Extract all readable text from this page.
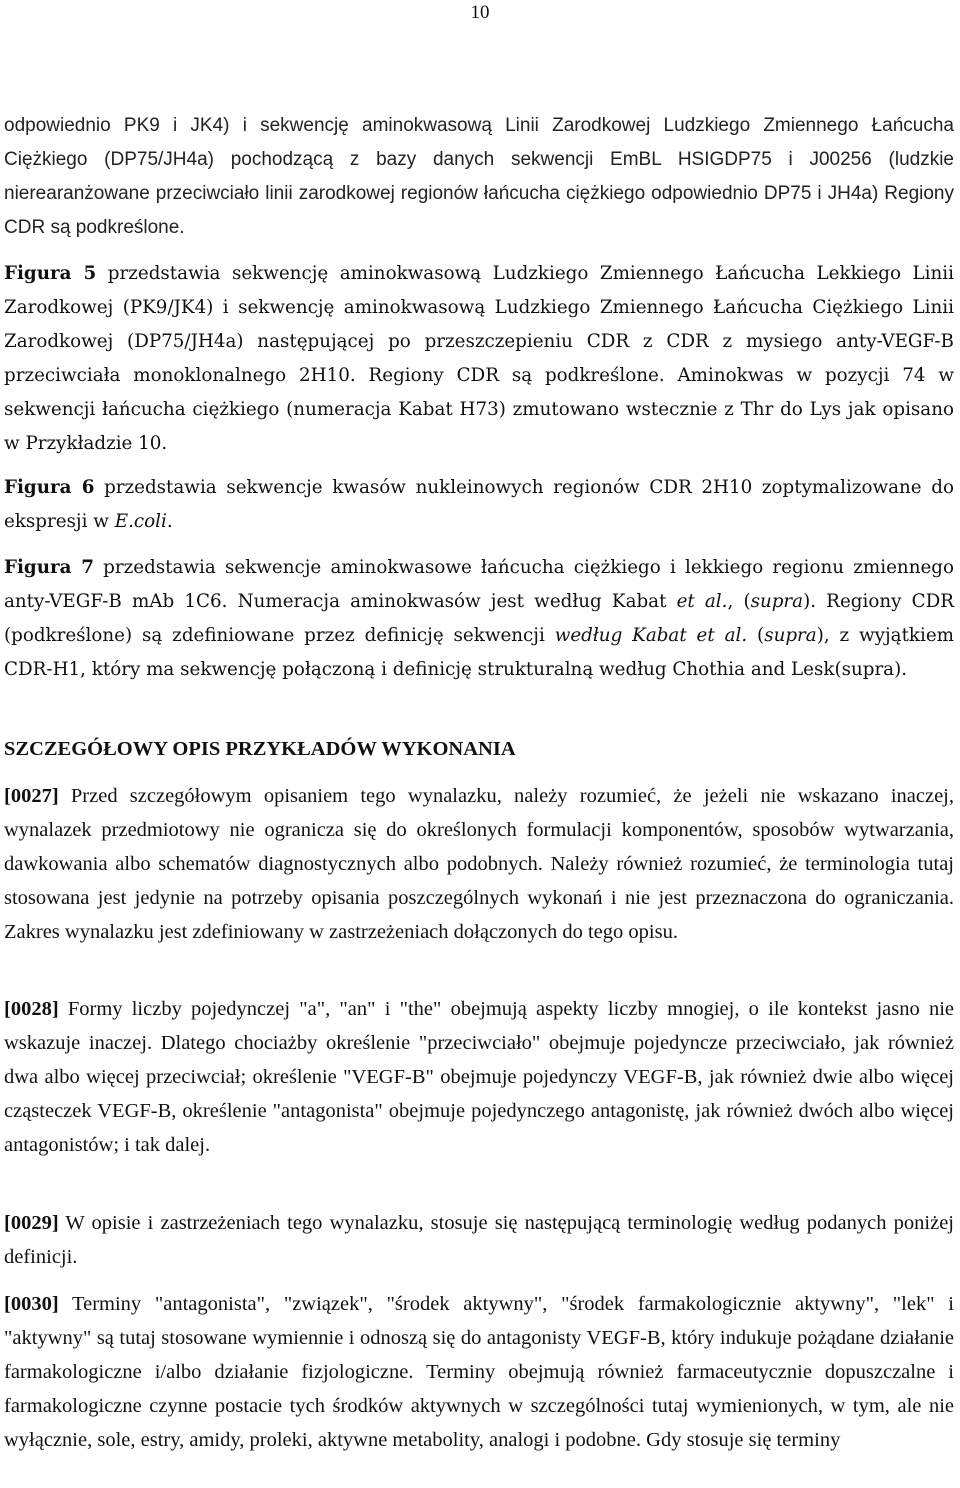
10

odpowiednio PK9 i JK4) i sekwencję aminokwasową Linii Zarodkowej Ludzkiego Zmiennego Łańcucha Ciężkiego (DP75/JH4a) pochodzącą z bazy danych sekwencji EmBL HSIGDP75 i J00256 (ludzkie nierearanżowane przeciwciało linii zarodkowej regionów łańcucha ciężkiego odpowiednio DP75 i JH4a) Regiony CDR są podkreślone.

Figura 5 przedstawia sekwencję aminokwasową Ludzkiego Zmiennego Łańcucha Lekkiego Linii Zarodkowej (PK9/JK4) i sekwencję aminokwasową Ludzkiego Zmiennego Łańcucha Ciężkiego Linii Zarodkowej (DP75/JH4a) następującej po przeszczepieniu CDR z CDR z mysiego anty-VEGF-B przeciwciała monoklonalnego 2H10. Regiony CDR są podkreślone. Aminokwas w pozycji 74 w sekwencji łańcucha ciężkiego (numeracja Kabat H73) zmutowano wstecznie z Thr do Lys jak opisano w Przykładzie 10.

Figura 6 przedstawia sekwencje kwasów nukleinowych regionów CDR 2H10 zoptymalizowane do ekspresji w E.coli.

Figura 7 przedstawia sekwencje aminokwasowe łańcucha ciężkiego i lekkiego regionu zmiennego anty-VEGF-B mAb 1C6. Numeracja aminokwasów jest według Kabat et al., (supra). Regiony CDR (podkreślone) są zdefiniowane przez definicję sekwencji według Kabat et al. (supra), z wyjątkiem CDR-H1, który ma sekwencję połączoną i definicję strukturalną według Chothia and Lesk(supra).

SZCZEGÓŁOWY OPIS PRZYKŁADÓW WYKONANIA

[0027] Przed szczegółowym opisaniem tego wynalazku, należy rozumieć, że jeżeli nie wskazano inaczej, wynalazek przedmiotowy nie ogranicza się do określonych formulacji komponentów, sposobów wytwarzania, dawkowania albo schematów diagnostycznych albo podobnych. Należy również rozumieć, że terminologia tutaj stosowana jest jedynie na potrzeby opisania poszczególnych wykonań i nie jest przeznaczona do ograniczania. Zakres wynalazku jest zdefiniowany w zastrzeżeniach dołączonych do tego opisu.

[0028] Formy liczby pojedynczej "a", "an" i "the" obejmują aspekty liczby mnogiej, o ile kontekst jasno nie wskazuje inaczej. Dlatego chociażby określenie "przeciwciało" obejmuje pojedyncze przeciwciało, jak również dwa albo więcej przeciwciał; określenie "VEGF-B" obejmuje pojedynczy VEGF-B, jak również dwie albo więcej cząsteczek VEGF-B, określenie "antagonista" obejmuje pojedynczego antagonistę, jak również dwóch albo więcej antagonistów; i tak dalej.

[0029] W opisie i zastrzeżeniach tego wynalazku, stosuje się następującą terminologię według podanych poniżej definicji.

[0030] Terminy "antagonista", "związek", "środek aktywny", "środek farmakologicznie aktywny", "lek" i "aktywny" są tutaj stosowane wymiennie i odnoszą się do antagonisty VEGF-B, który indukuje pożądane działanie farmakologiczne i/albo działanie fizjologiczne. Terminy obejmują również farmaceutycznie dopuszczalne i farmakologiczne czynne postacie tych środków aktywnych w szczególności tutaj wymienionych, w tym, ale nie wyłącznie, sole, estry, amidy, proleki, aktywne metabolity, analogi i podobne. Gdy stosuje się terminy
